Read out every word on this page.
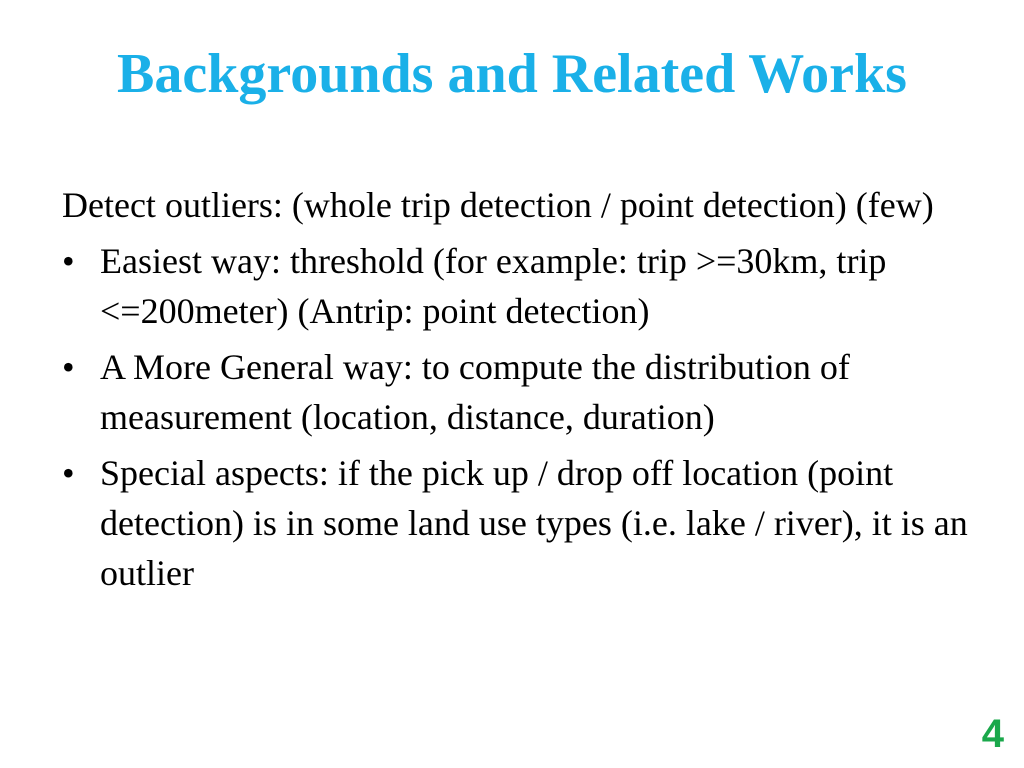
Backgrounds and Related Works

Detect outliers: (whole trip detection / point detection) (few)

• Easiest way: threshold (for example: trip >=30km, trip <=200meter) (Antrip: point detection)
• A More General way: to compute the distribution of measurement (location, distance, duration)
• Special aspects: if the pick up / drop off location (point detection) is in some land use types (i.e. lake / river), it is an outlier
4
